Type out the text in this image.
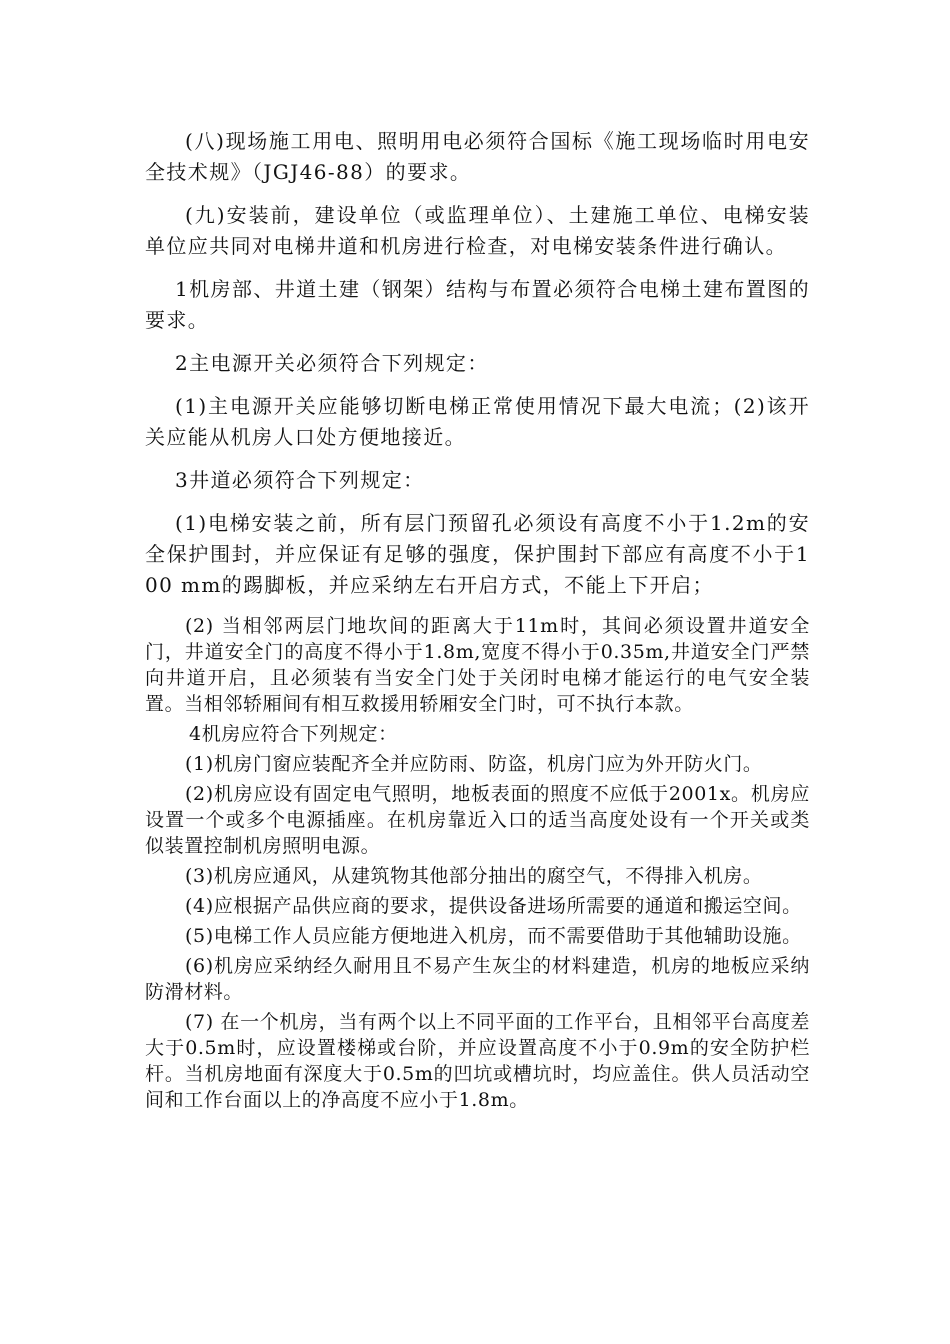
(八)现场施工用电、照明用电必须符合国标《施工现场临时用电安全技术规》（JGJ46-88）的要求。

(九)安装前，建设单位（或监理单位）、土建施工单位、电梯安装单位应共同对电梯井道和机房进行检查，对电梯安装条件进行确认。

1机房部、井道土建（钢架）结构与布置必须符合电梯土建布置图的要求。

2主电源开关必须符合下列规定：

(1)主电源开关应能够切断电梯正常使用情况下最大电流；(2)该开关应能从机房人口处方便地接近。

3井道必须符合下列规定：

(1)电梯安装之前，所有层门预留孔必须设有高度不小于1.2m的安全保护围封，并应保证有足够的强度，保护围封下部应有高度不小于100 mm的踢脚板，并应采纳左右开启方式，不能上下开启；

(2) 当相邻两层门地坎间的距离大于11m时，其间必须设置井道安全门，井道安全门的高度不得小于1.8m,宽度不得小于0.35m,井道安全门严禁向井道开启，且必须装有当安全门处于关闭时电梯才能运行的电气安全装置。当相邻轿厢间有相互救援用轿厢安全门时，可不执行本款。

4机房应符合下列规定：

(1)机房门窗应装配齐全并应防雨、防盗，机房门应为外开防火门。

(2)机房应设有固定电气照明，地板表面的照度不应低于2001x。机房应设置一个或多个电源插座。在机房靠近入口的适当高度处设有一个开关或类似装置控制机房照明电源。

(3)机房应通风，从建筑物其他部分抽出的腐空气，不得排入机房。

(4)应根据产品供应商的要求，提供设备进场所需要的通道和搬运空间。

(5)电梯工作人员应能方便地进入机房，而不需要借助于其他辅助设施。

(6)机房应采纳经久耐用且不易产生灰尘的材料建造，机房的地板应采纳防滑材料。

(7) 在一个机房，当有两个以上不同平面的工作平台，且相邻平台高度差大于0.5m时，应设置楼梯或台阶，并应设置高度不小于0.9m的安全防护栏杆。当机房地面有深度大于0.5m的凹坑或槽坑时，均应盖住。供人员活动空间和工作台面以上的净高度不应小于1.8m。
